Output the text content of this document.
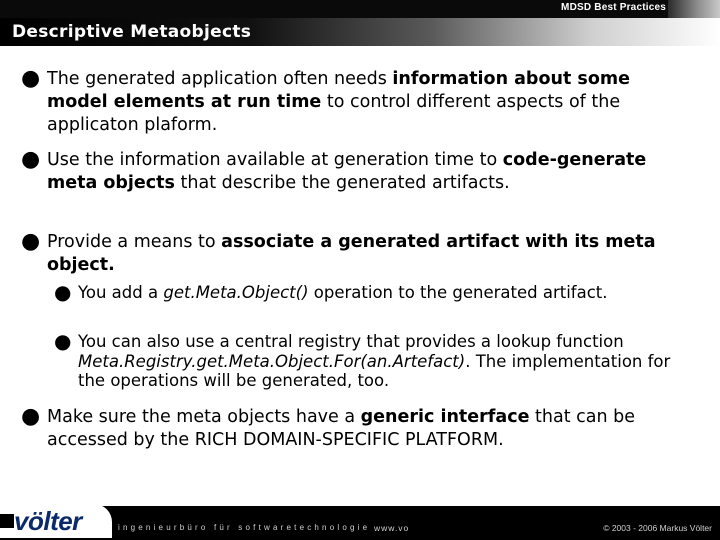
MDSD Best Practices
Descriptive Metaobjects
● The generated application often needs information about some model elements at run time to control different aspects of the applicaton plaform.
● Use the information available at generation time to code-generate meta objects that describe the generated artifacts.
● Provide a means to associate a generated artifact with its meta object.
● You add a get.Meta.Object() operation to the generated artifact.
● You can also use a central registry that provides a lookup function Meta.Registry.get.Meta.Object.For(an.Artefact). The implementation for the operations will be generated, too.
● Make sure the meta objects have a generic interface that can be accessed by the RICH DOMAIN-SPECIFIC PLATFORM.
völter	ingenieurbüro für softwaretechnologie www.vo	© 2003 - 2006 Markus Völter
